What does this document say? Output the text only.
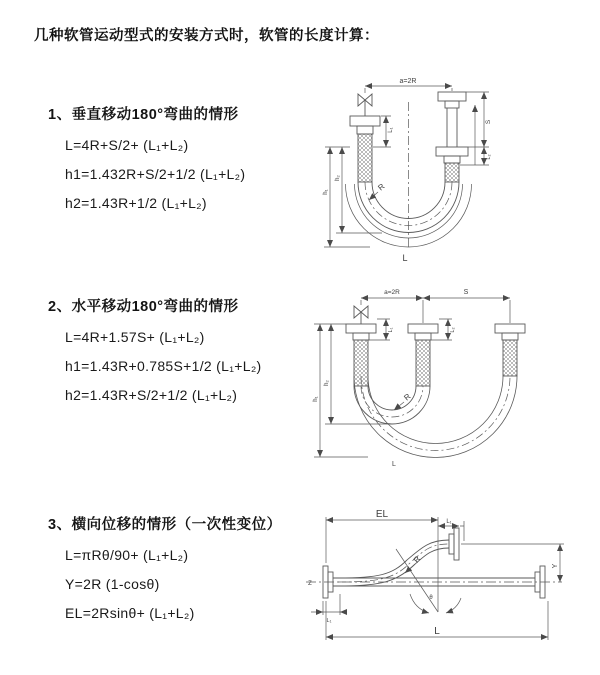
几种软管运动型式的安装方式时，软管的长度计算：
1、垂直移动180°弯曲的情形
L=4R+S/2+ (L₁+L₂)
h1=1.432R+S/2+1/2 (L₁+L₂)
h2=1.43R+1/2 (L₁+L₂)
2、水平移动180°弯曲的情形
L=4R+1.57S+ (L₁+L₂)
h1=1.43R+0.785S+1/2 (L₁+L₂)
h2=1.43R+S/2+1/2 (L₁+L₂)
3、横向位移的情形（一次性变位）
L=πRθ/90+ (L₁+L₂)
Y=2R (1-cosθ)
EL=2Rsinθ+ (L₁+L₂)
a=2R
L₁
S
L₂
h₁
h₂
R
L
a=2R	S
L₁	L₂
h₁
h₂
R
L
EL
L₁
Y
L
R
θ
Z
L₁
